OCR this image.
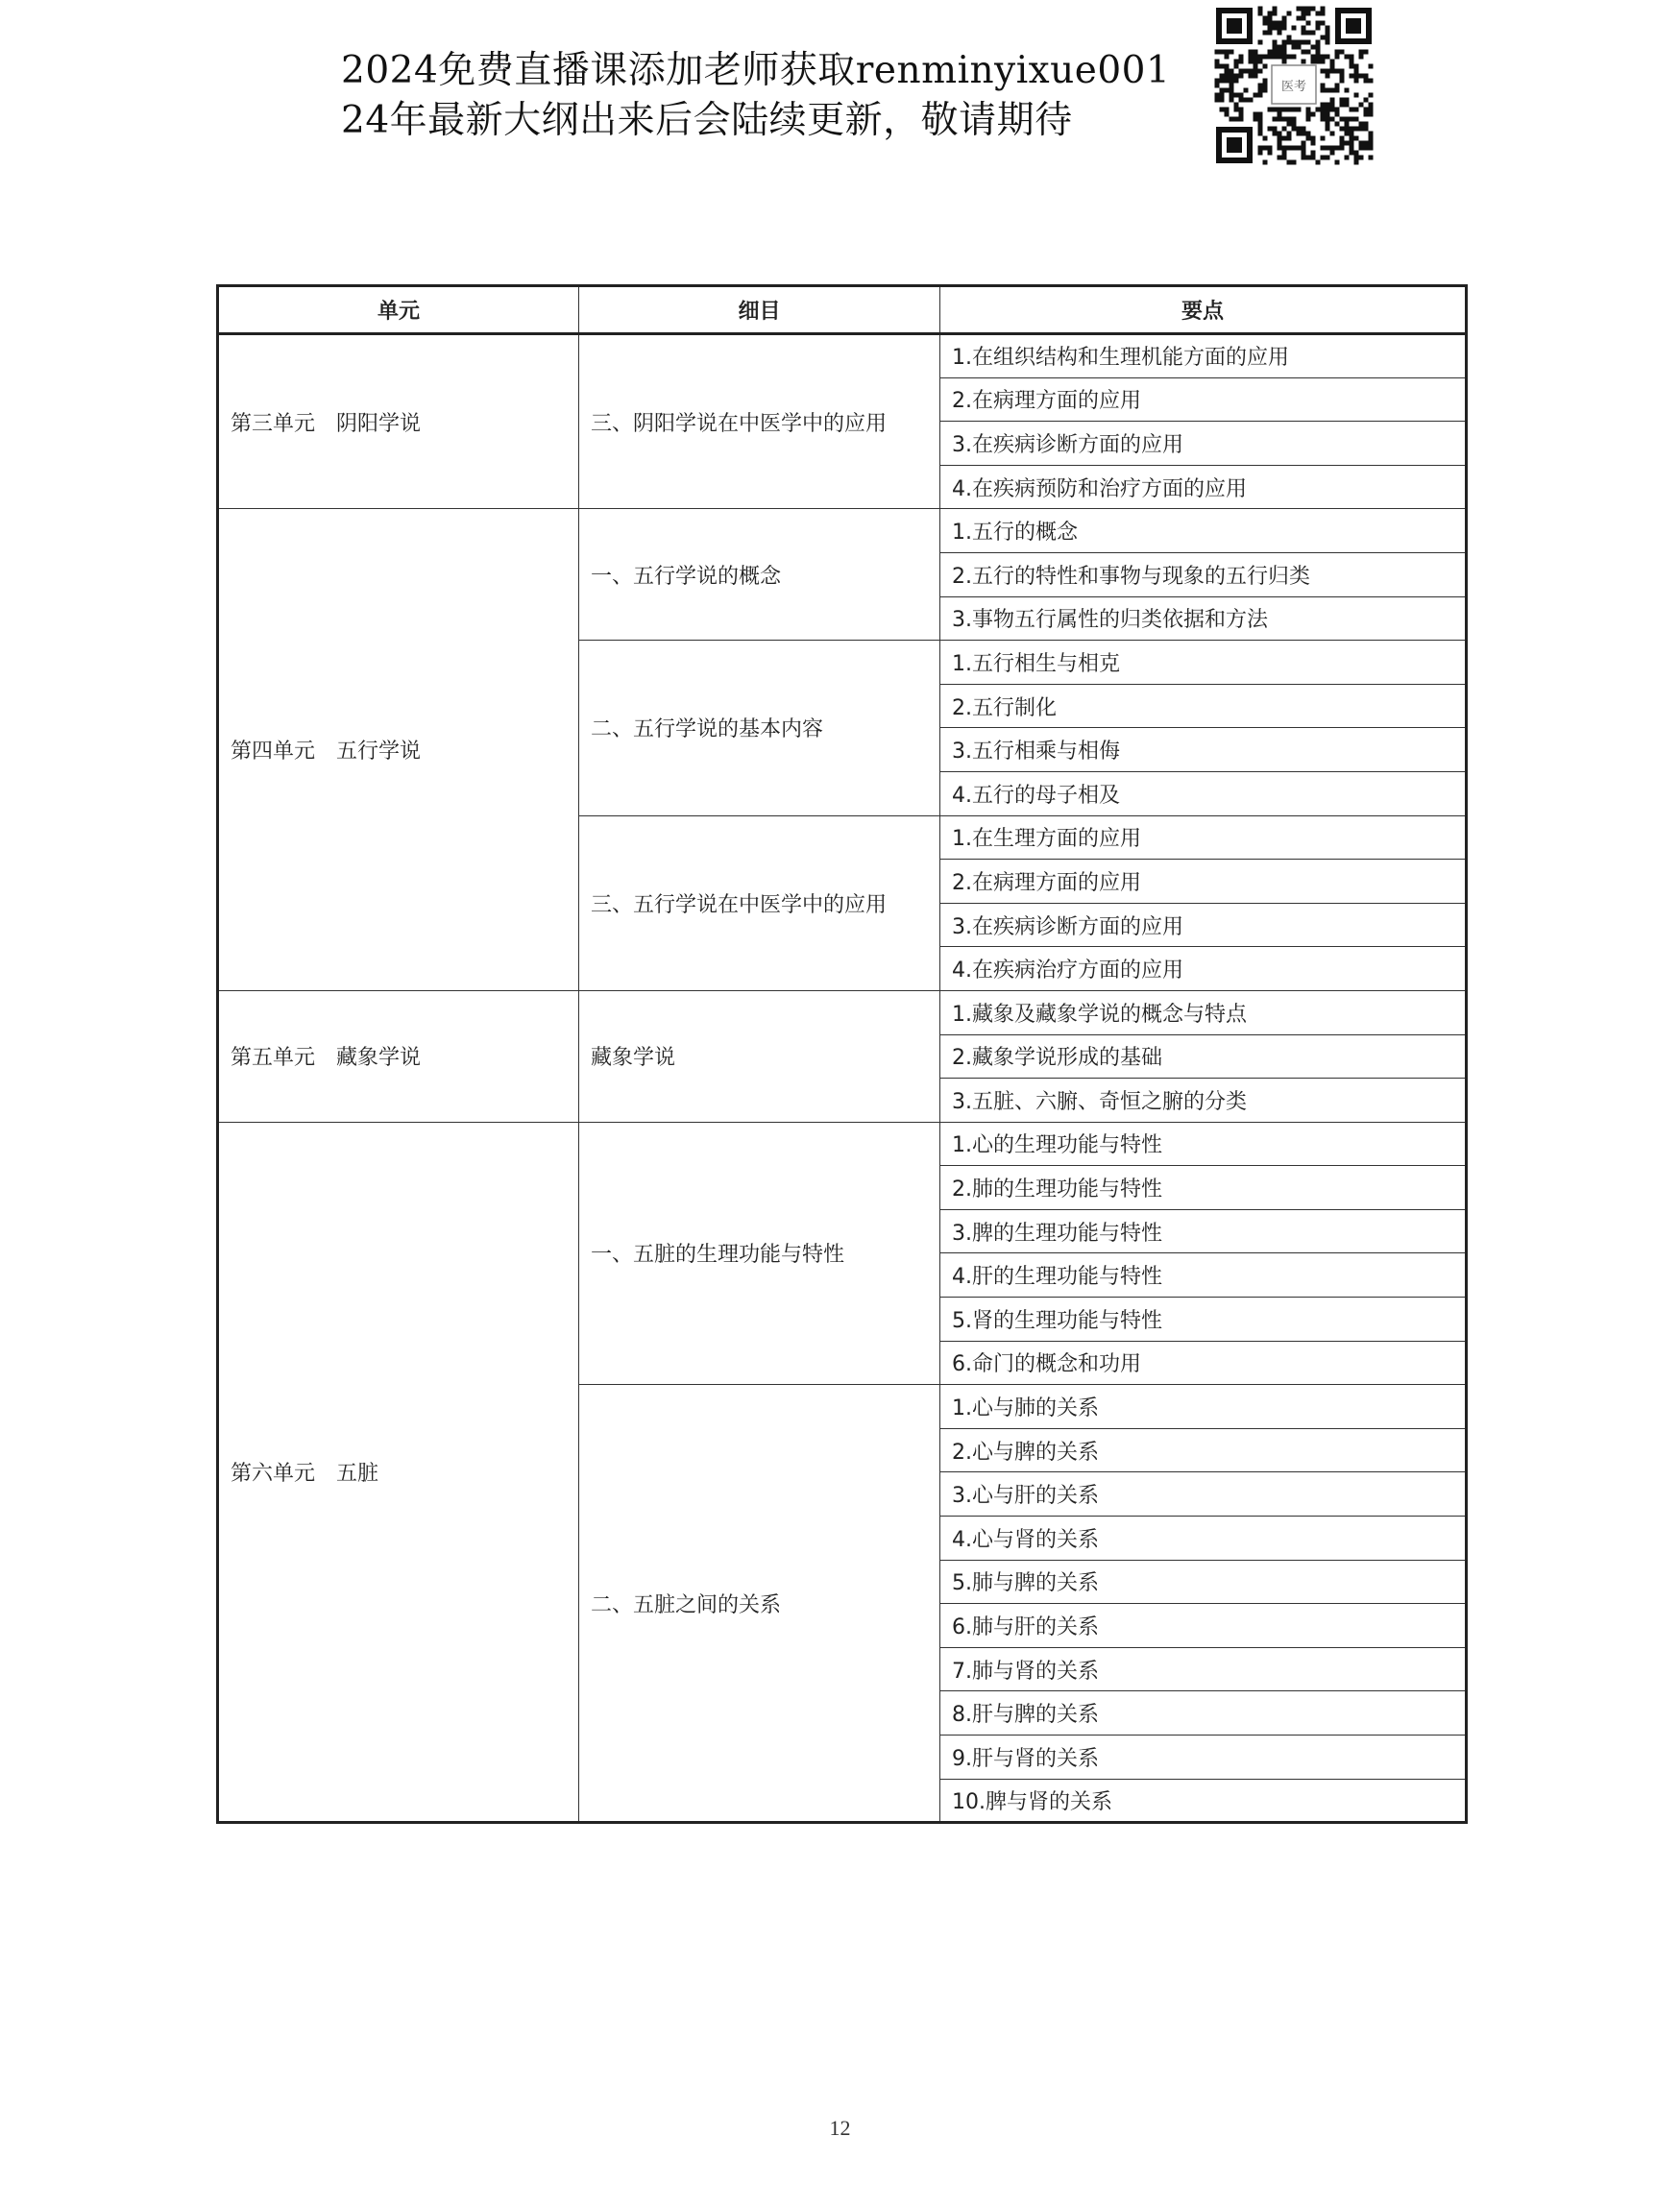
2024免费直播课添加老师获取renminyixue001
24年最新大纲出来后会陆续更新，敬请期待
医考
单元	细目	要点
第三单元　阴阳学说	三、阴阳学说在中医学中的应用	1.在组织结构和生理机能方面的应用
		2.在病理方面的应用
		3.在疾病诊断方面的应用
		4.在疾病预防和治疗方面的应用
第四单元　五行学说	一、五行学说的概念	1.五行的概念
		2.五行的特性和事物与现象的五行归类
		3.事物五行属性的归类依据和方法
	二、五行学说的基本内容	1.五行相生与相克
		2.五行制化
		3.五行相乘与相侮
		4.五行的母子相及
	三、五行学说在中医学中的应用	1.在生理方面的应用
		2.在病理方面的应用
		3.在疾病诊断方面的应用
		4.在疾病治疗方面的应用
第五单元　藏象学说	藏象学说	1.藏象及藏象学说的概念与特点
		2.藏象学说形成的基础
		3.五脏、六腑、奇恒之腑的分类
第六单元　五脏	一、五脏的生理功能与特性	1.心的生理功能与特性
		2.肺的生理功能与特性
		3.脾的生理功能与特性
		4.肝的生理功能与特性
		5.肾的生理功能与特性
		6.命门的概念和功用
	二、五脏之间的关系	1.心与肺的关系
		2.心与脾的关系
		3.心与肝的关系
		4.心与肾的关系
		5.肺与脾的关系
		6.肺与肝的关系
		7.肺与肾的关系
		8.肝与脾的关系
		9.肝与肾的关系
		10.脾与肾的关系
12
